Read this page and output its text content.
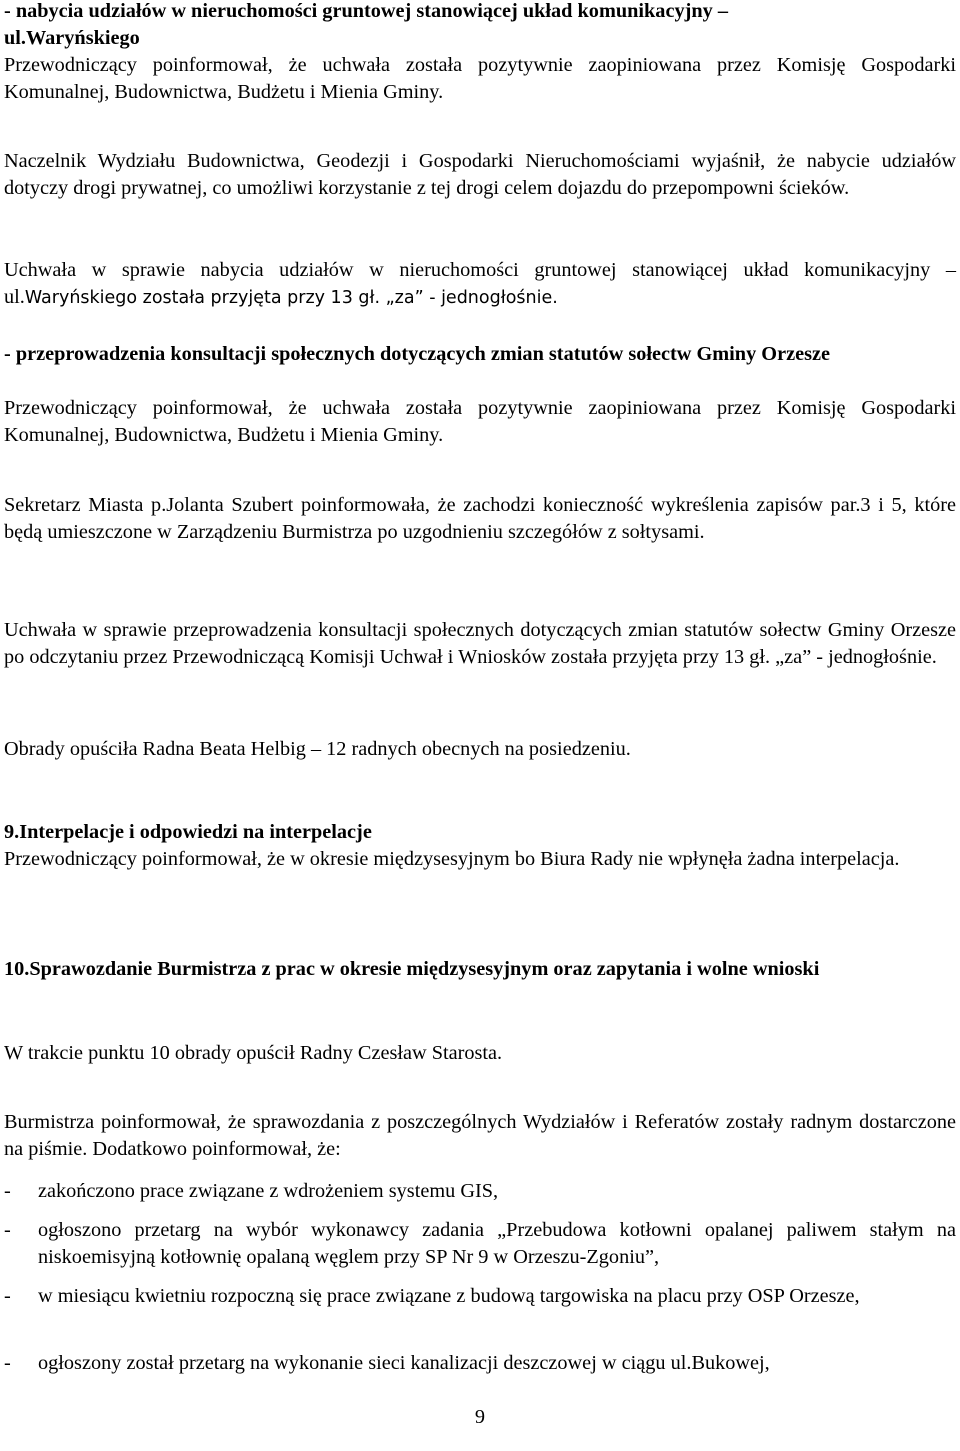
- nabycia udziałów w nieruchomości gruntowej stanowiącej układ komunikacyjny –

ul.Waryńskiego

Przewodniczący poinformował, że uchwała została pozytywnie zaopiniowana przez Komisję Gospodarki Komunalnej, Budownictwa, Budżetu i Mienia Gminy.

Naczelnik Wydziału Budownictwa, Geodezji i Gospodarki Nieruchomościami wyjaśnił, że nabycie udziałów dotyczy drogi prywatnej, co umożliwi korzystanie z tej drogi celem dojazdu do przepompowni ścieków.

Uchwała w sprawie nabycia udziałów w nieruchomości gruntowej stanowiącej układ komunikacyjny – ul.Waryńskiego została przyjęta przy 13 gł. „za” - jednogłośnie.

- przeprowadzenia konsultacji społecznych dotyczących zmian statutów sołectw Gminy Orzesze

Przewodniczący poinformował, że uchwała została pozytywnie zaopiniowana przez Komisję Gospodarki Komunalnej, Budownictwa, Budżetu i Mienia Gminy.

Sekretarz Miasta p.Jolanta Szubert poinformowała, że zachodzi konieczność wykreślenia zapisów par.3 i 5, które będą umieszczone w Zarządzeniu Burmistrza po uzgodnieniu szczegółów z sołtysami.

Uchwała w sprawie przeprowadzenia konsultacji społecznych dotyczących zmian statutów sołectw Gminy Orzesze po odczytaniu przez Przewodniczącą Komisji Uchwał i Wniosków została przyjęta przy 13 gł. „za” - jednogłośnie.

Obrady opuściła Radna Beata Helbig – 12 radnych obecnych na posiedzeniu.

9.Interpelacje i odpowiedzi na interpelacje

Przewodniczący poinformował, że w okresie międzysesyjnym bo Biura Rady nie wpłynęła żadna interpelacja.

10.Sprawozdanie Burmistrza z prac w okresie międzysesyjnym oraz zapytania i wolne wnioski

W trakcie punktu 10 obrady opuścił Radny Czesław Starosta.

Burmistrza poinformował, że sprawozdania z poszczególnych Wydziałów i Referatów zostały radnym dostarczone na piśmie. Dodatkowo poinformował, że:

-	zakończono prace związane z wdrożeniem systemu GIS,
-	ogłoszono przetarg na wybór wykonawcy zadania „Przebudowa kotłowni opalanej paliwem stałym na niskoemisyjną kotłownię opalaną węglem przy SP Nr 9 w Orzeszu-Zgoniu”,
-	w miesiącu kwietniu rozpoczną się prace związane z budową targowiska na placu przy OSP Orzesze,
-	ogłoszony został przetarg na wykonanie sieci kanalizacji deszczowej w ciągu ul.Bukowej,
9
